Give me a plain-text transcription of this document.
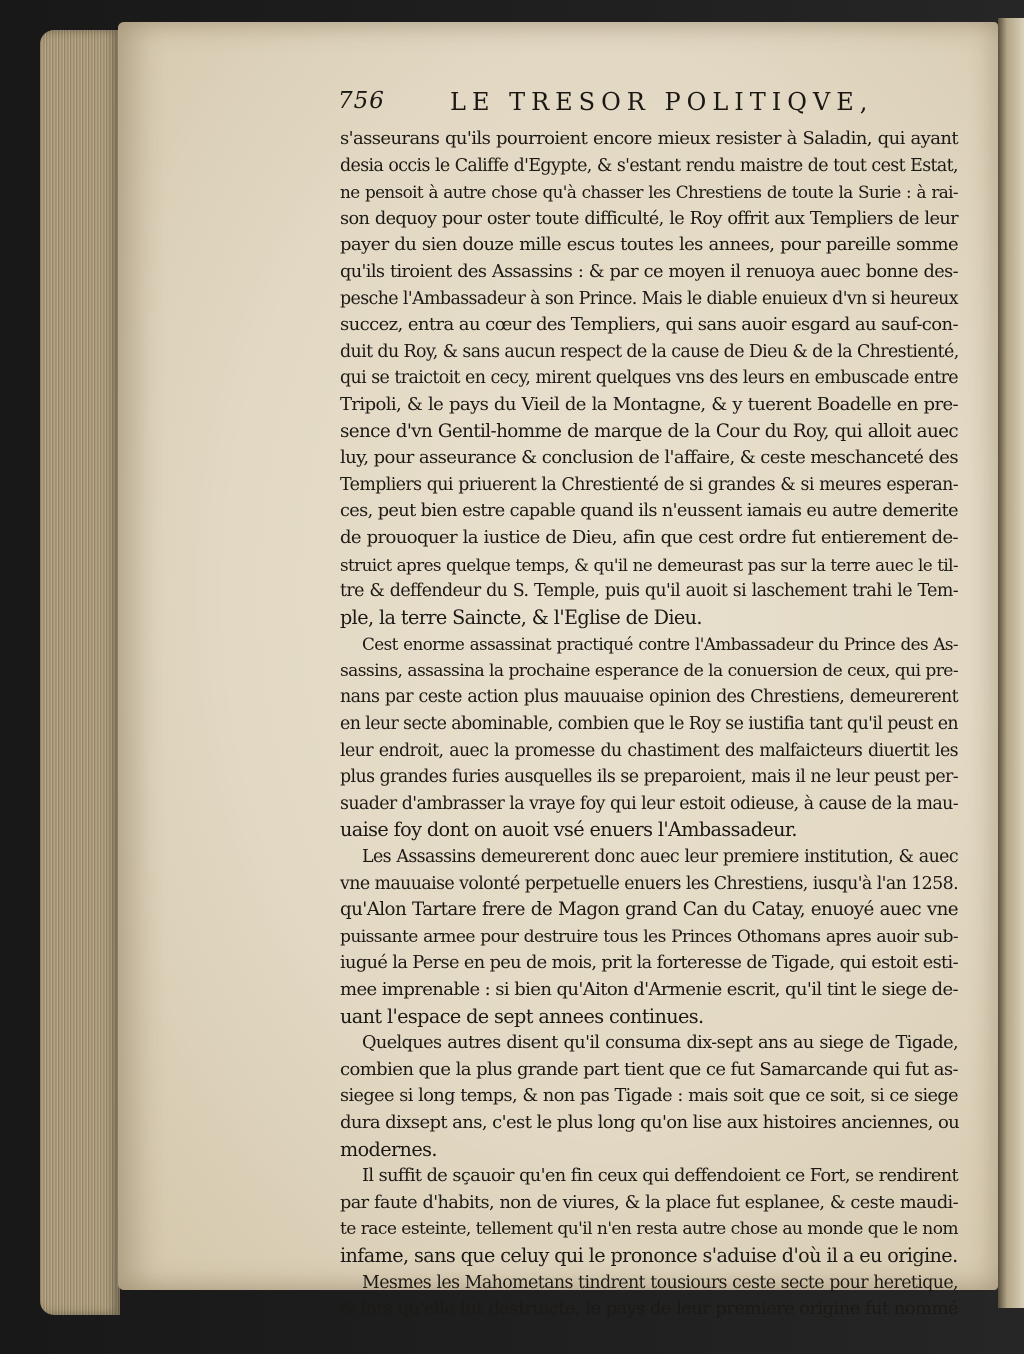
756	LE TRESOR POLITIQVE,
s'asseurans qu'ils pourroient encore mieux resister à Saladin, qui ayant
desia occis le Califfe d'Egypte, & s'estant rendu maistre de tout cest Estat,
ne pensoit à autre chose qu'à chasser les Chrestiens de toute la Surie : à rai-
son dequoy pour oster toute difficulté, le Roy offrit aux Templiers de leur
payer du sien douze mille escus toutes les annees, pour pareille somme
qu'ils tiroient des Assassins : & par ce moyen il renuoya auec bonne des-
pesche l'Ambassadeur à son Prince. Mais le diable enuieux d'vn si heureux
succez, entra au cœur des Templiers, qui sans auoir esgard au sauf-con-
duit du Roy, & sans aucun respect de la cause de Dieu & de la Chrestienté,
qui se traictoit en cecy, mirent quelques vns des leurs en embuscade entre
Tripoli, & le pays du Vieil de la Montagne, & y tuerent Boadelle en pre-
sence d'vn Gentil-homme de marque de la Cour du Roy, qui alloit auec
luy, pour asseurance & conclusion de l'affaire, & ceste meschanceté des
Templiers qui priuerent la Chrestienté de si grandes & si meures esperan-
ces, peut bien estre capable quand ils n'eussent iamais eu autre demerite
de prouoquer la iustice de Dieu, afin que cest ordre fut entierement de-
struict apres quelque temps, & qu'il ne demeurast pas sur la terre auec le til-
tre & deffendeur du S. Temple, puis qu'il auoit si laschement trahi le Tem-
ple, la terre Saincte, & l'Eglise de Dieu.
Cest enorme assassinat practiqué contre l'Ambassadeur du Prince des As-
sassins, assassina la prochaine esperance de la conuersion de ceux, qui pre-
nans par ceste action plus mauuaise opinion des Chrestiens, demeurerent
en leur secte abominable, combien que le Roy se iustifia tant qu'il peust en
leur endroit, auec la promesse du chastiment des malfaicteurs diuertit les
plus grandes furies ausquelles ils se preparoient, mais il ne leur peust per-
suader d'ambrasser la vraye foy qui leur estoit odieuse, à cause de la mau-
uaise foy dont on auoit vsé enuers l'Ambassadeur.
Les Assassins demeurerent donc auec leur premiere institution, & auec
vne mauuaise volonté perpetuelle enuers les Chrestiens, iusqu'à l'an 1258.
qu'Alon Tartare frere de Magon grand Can du Catay, enuoyé auec vne
puissante armee pour destruire tous les Princes Othomans apres auoir sub-
iugué la Perse en peu de mois, prit la forteresse de Tigade, qui estoit esti-
mee imprenable : si bien qu'Aiton d'Armenie escrit, qu'il tint le siege de-
uant l'espace de sept annees continues.
Quelques autres disent qu'il consuma dix-sept ans au siege de Tigade,
combien que la plus grande part tient que ce fut Samarcande qui fut as-
siegee si long temps, & non pas Tigade : mais soit que ce soit, si ce siege
dura dixsept ans, c'est le plus long qu'on lise aux histoires anciennes, ou
modernes.
Il suffit de sçauoir qu'en fin ceux qui deffendoient ce Fort, se rendirent
par faute d'habits, non de viures, & la place fut esplanee, & ceste maudi-
te race esteinte, tellement qu'il n'en resta autre chose au monde que le nom
infame, sans que celuy qui le prononce s'aduise d'où il a eu origine.
Mesmes les Mahometans tindrent tousiours ceste secte pour heretique,
& lors qu'elle fut destruicte, le pays de leur premiere origine fut nommé
